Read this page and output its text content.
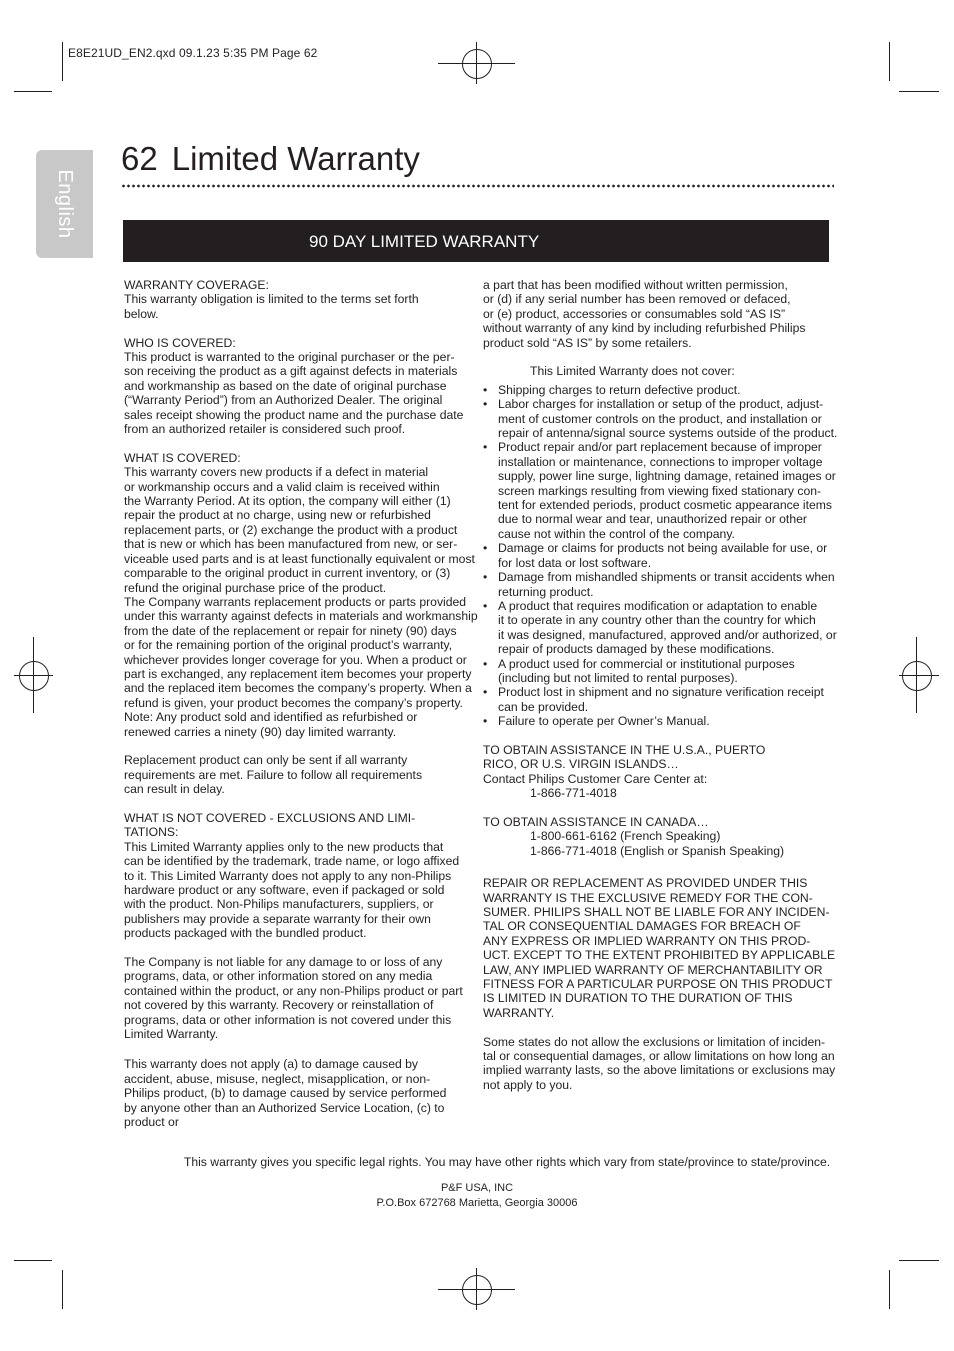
E8E21UD_EN2.qxd 09.1.23 5:35 PM Page 62
English
62 Limited Warranty
90 DAY LIMITED WARRANTY

WARRANTY COVERAGE:

This warranty obligation is limited to the terms set forth
below.

WHO IS COVERED:

This product is warranted to the original purchaser or the per-
son receiving the product as a gift against defects in materials
and workmanship as based on the date of original purchase
(“Warranty Period”) from an Authorized Dealer. The original
sales receipt showing the product name and the purchase date
from an authorized retailer is considered such proof.

WHAT IS COVERED:

This warranty covers new products if a defect in material
or workmanship occurs and a valid claim is received within
the Warranty Period. At its option, the company will either (1)
repair the product at no charge, using new or refurbished
replacement parts, or (2) exchange the product with a product
that is new or which has been manufactured from new, or ser-
viceable used parts and is at least functionally equivalent or most
comparable to the original product in current inventory, or (3)
refund the original purchase price of the product.
The Company warrants replacement products or parts provided
under this warranty against defects in materials and workmanship
from the date of the replacement or repair for ninety (90) days
or for the remaining portion of the original product’s warranty,
whichever provides longer coverage for you. When a product or
part is exchanged, any replacement item becomes your property
and the replaced item becomes the company’s property. When a
refund is given, your product becomes the company’s property.
Note: Any product sold and identified as refurbished or
renewed carries a ninety (90) day limited warranty.

Replacement product can only be sent if all warranty
requirements are met. Failure to follow all requirements
can result in delay.

WHAT IS NOT COVERED - EXCLUSIONS AND LIMI-
TATIONS:

This Limited Warranty applies only to the new products that
can be identified by the trademark, trade name, or logo affixed
to it. This Limited Warranty does not apply to any non-Philips
hardware product or any software, even if packaged or sold
with the product. Non-Philips manufacturers, suppliers, or
publishers may provide a separate warranty for their own
products packaged with the bundled product.

The Company is not liable for any damage to or loss of any
programs, data, or other information stored on any media
contained within the product, or any non-Philips product or part
not covered by this warranty. Recovery or reinstallation of
programs, data or other information is not covered under this
Limited Warranty.

This warranty does not apply (a) to damage caused by
accident, abuse, misuse, neglect, misapplication, or non-
Philips product, (b) to damage caused by service performed
by anyone other than an Authorized Service Location, (c) to
product or

a part that has been modified without written permission,
or (d) if any serial number has been removed or defaced,
or (e) product, accessories or consumables sold “AS IS”
without warranty of any kind by including refurbished Philips
product sold “AS IS” by some retailers.

This Limited Warranty does not cover:

• Shipping charges to return defective product.
• Labor charges for installation or setup of the product, adjust-
ment of customer controls on the product, and installation or
repair of antenna/signal source systems outside of the product.
• Product repair and/or part replacement because of improper
installation or maintenance, connections to improper voltage
supply, power line surge, lightning damage, retained images or
screen markings resulting from viewing fixed stationary con-
tent for extended periods, product cosmetic appearance items
due to normal wear and tear, unauthorized repair or other
cause not within the control of the company.
• Damage or claims for products not being available for use, or
for lost data or lost software.
• Damage from mishandled shipments or transit accidents when
returning product.
• A product that requires modification or adaptation to enable
it to operate in any country other than the country for which
it was designed, manufactured, approved and/or authorized, or
repair of products damaged by these modifications.
• A product used for commercial or institutional purposes
(including but not limited to rental purposes).
• Product lost in shipment and no signature verification receipt
can be provided.
• Failure to operate per Owner’s Manual.

TO OBTAIN ASSISTANCE IN THE U.S.A., PUERTO
RICO, OR U.S. VIRGIN ISLANDS…
Contact Philips Customer Care Center at:

1-866-771-4018

TO OBTAIN ASSISTANCE IN CANADA…

1-800-661-6162 (French Speaking)

1-866-771-4018 (English or Spanish Speaking)

REPAIR OR REPLACEMENT AS PROVIDED UNDER THIS
WARRANTY IS THE EXCLUSIVE REMEDY FOR THE CON-
SUMER. PHILIPS SHALL NOT BE LIABLE FOR ANY INCIDEN-
TAL OR CONSEQUENTIAL DAMAGES FOR BREACH OF
ANY EXPRESS OR IMPLIED WARRANTY ON THIS PROD-
UCT. EXCEPT TO THE EXTENT PROHIBITED BY APPLICABLE
LAW, ANY IMPLIED WARRANTY OF MERCHANTABILITY OR
FITNESS FOR A PARTICULAR PURPOSE ON THIS PRODUCT
IS LIMITED IN DURATION TO THE DURATION OF THIS
WARRANTY.

Some states do not allow the exclusions or limitation of inciden-
tal or consequential damages, or allow limitations on how long an
implied warranty lasts, so the above limitations or exclusions may
not apply to you.

This warranty gives you specific legal rights. You may have other rights which vary from state/province to state/province.
P&F USA, INC
P.O.Box 672768 Marietta, Georgia 30006
